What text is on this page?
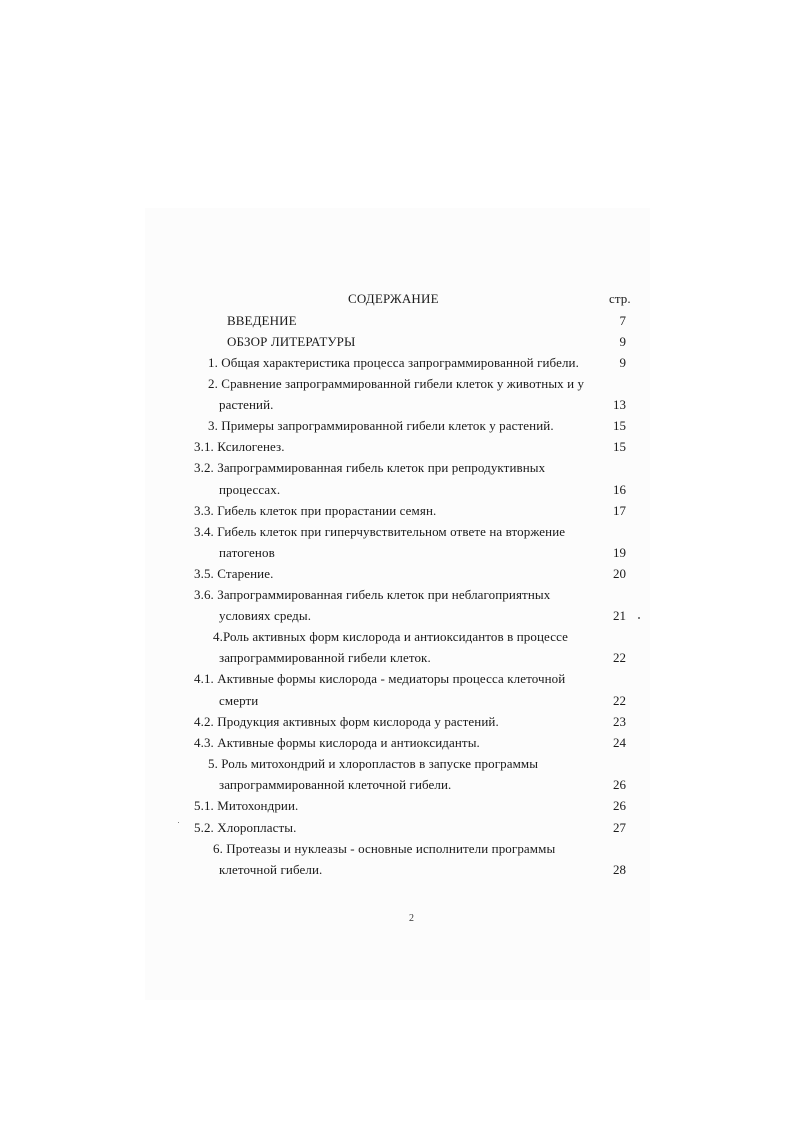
СОДЕРЖАНИЕ	стр.
ВВЕДЕНИЕ	7
ОБЗОР ЛИТЕРАТУРЫ	9
1. Общая характеристика процесса запрограммированной гибели.	9
2. Сравнение запрограммированной гибели клеток у животных и у
растений.	13
3. Примеры запрограммированной гибели клеток у растений.	15
3.1. Ксилогенез.	15
3.2. Запрограммированная гибель клеток при репродуктивных
процессах.	16
3.3. Гибель клеток при прорастании семян.	17
3.4. Гибель клеток при гиперчувствительном ответе на вторжение
патогенов	19
3.5. Старение.	20
3.6. Запрограммированная гибель клеток при неблагоприятных
условиях среды.	21
4.Роль активных форм кислорода и антиоксидантов в процессе
запрограммированной гибели клеток.	22
4.1. Активные формы кислорода - медиаторы процесса клеточной
смерти	22
4.2. Продукция активных форм кислорода у растений.	23
4.3. Активные формы кислорода и антиоксиданты.	24
5. Роль митохондрий и хлоропластов в запуске программы
запрограммированной клеточной гибели.	26
5.1. Митохондрии.	26
5.2. Хлоропласты.	27
6. Протеазы и нуклеазы - основные исполнители программы
клеточной гибели.	28
2
